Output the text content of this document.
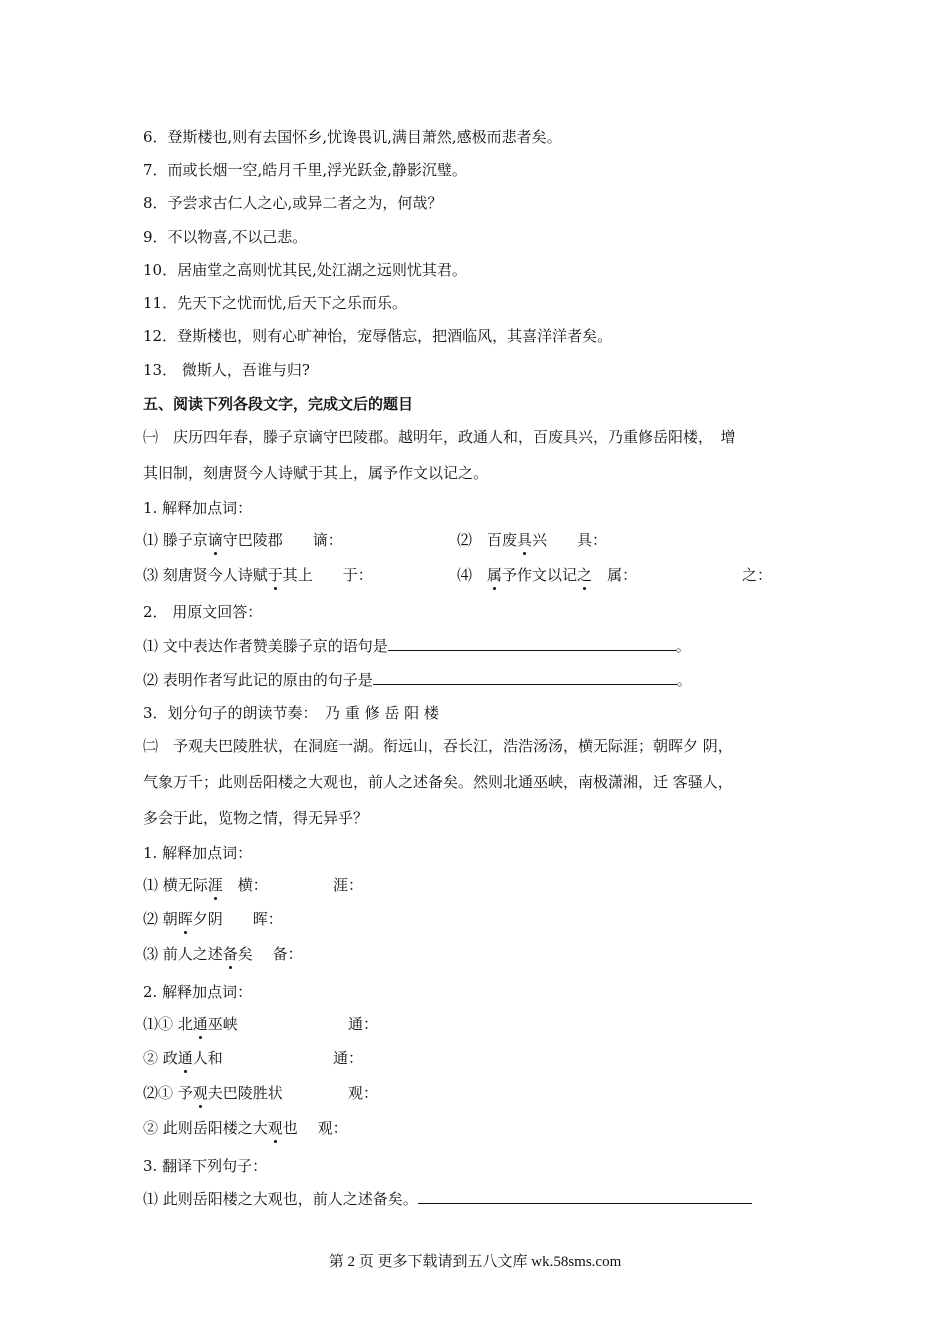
6．登斯楼也,则有去国怀乡,忧谗畏讥,满目萧然,感极而悲者矣。
7．而或长烟一空,皓月千里,浮光跃金,静影沉璧。
8．予尝求古仁人之心,或异二者之为，何哉？
9．不以物喜,不以己悲。
10．居庙堂之高则忧其民,处江湖之远则忧其君。
11．先天下之忧而忧,后天下之乐而乐。
12．登斯楼也，则有心旷神怡，宠辱偕忘，把酒临风，其喜洋洋者矣。
13． 微斯人，吾谁与归?
五、阅读下列各段文字，完成文后的题目
㈠　庆历四年春，滕子京谪守巴陵郡。越明年，政通人和，百废具兴，乃重修岳阳楼，　增
其旧制，刻唐贤今人诗赋于其上，属予作文以记之。
1. 解释加点词：
⑴ 滕子京谪守巴陵郡　　谪：	⑵　百废具兴　　具：
⑶ 刻唐贤今人诗赋于其上　　于：	⑷　属予作文以记之　属：	之：
2． 用原文回答：
⑴ 文中表达作者赞美滕子京的语句是	。
⑵ 表明作者写此记的原由的句子是	。
3．划分句子的朗读节奏：　乃 重 修 岳 阳 楼
㈡　予观夫巴陵胜状，在洞庭一湖。衔远山，吞长江，浩浩汤汤，横无际涯；朝晖夕 阴，
气象万千；此则岳阳楼之大观也，前人之述备矣。然则北通巫峡，南极潇湘，迁 客骚人，
多会于此，览物之情，得无异乎？
1. 解释加点词：
⑴ 横无际涯　横：	涯：
⑵ 朝晖夕阴　　晖：
⑶ 前人之述备矣　 备：
2. 解释加点词：
⑴① 北通巫峡	通：
② 政通人和	通：
⑵① 予观夫巴陵胜状	观：
② 此则岳阳楼之大观也　 观：
3. 翻译下列句子：
⑴ 此则岳阳楼之大观也，前人之述备矣。
第 2 页 更多下载请到五八文库 wk.58sms.com
